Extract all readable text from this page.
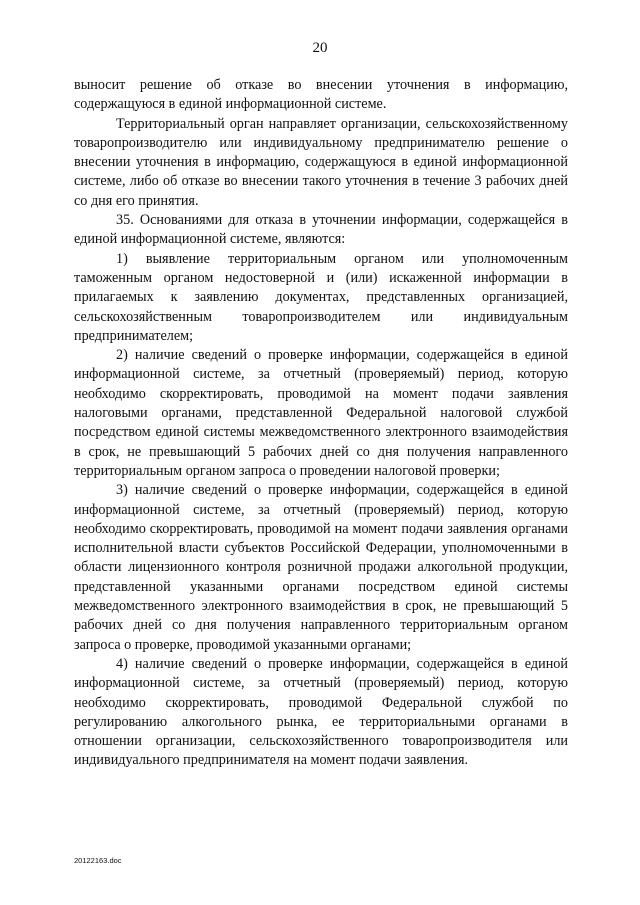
20

выносит решение об отказе во внесении уточнения в информацию, содержащуюся в единой информационной системе.

Территориальный орган направляет организации, сельскохозяйственному товаропроизводителю или индивидуальному предпринимателю решение о внесении уточнения в информацию, содержащуюся в единой информационной системе, либо об отказе во внесении такого уточнения в течение 3 рабочих дней со дня его принятия.

35. Основаниями для отказа в уточнении информации, содержащейся в единой информационной системе, являются:

1) выявление территориальным органом или уполномоченным таможенным органом недостоверной и (или) искаженной информации в прилагаемых к заявлению документах, представленных организацией, сельскохозяйственным товаропроизводителем или индивидуальным предпринимателем;

2) наличие сведений о проверке информации, содержащейся в единой информационной системе, за отчетный (проверяемый) период, которую необходимо скорректировать, проводимой на момент подачи заявления налоговыми органами, представленной Федеральной налоговой службой посредством единой системы межведомственного электронного взаимодействия в срок, не превышающий 5 рабочих дней со дня получения направленного территориальным органом запроса о проведении налоговой проверки;

3) наличие сведений о проверке информации, содержащейся в единой информационной системе, за отчетный (проверяемый) период, которую необходимо скорректировать, проводимой на момент подачи заявления органами исполнительной власти субъектов Российской Федерации, уполномоченными в области лицензионного контроля розничной продажи алкогольной продукции, представленной указанными органами посредством единой системы межведомственного электронного взаимодействия в срок, не превышающий 5 рабочих дней со дня получения направленного территориальным органом запроса о проверке, проводимой указанными органами;

4) наличие сведений о проверке информации, содержащейся в единой информационной системе, за отчетный (проверяемый) период, которую необходимо скорректировать, проводимой Федеральной службой по регулированию алкогольного рынка, ее территориальными органами в отношении организации, сельскохозяйственного товаропроизводителя или индивидуального предпринимателя на момент подачи заявления.

20122163.doc
